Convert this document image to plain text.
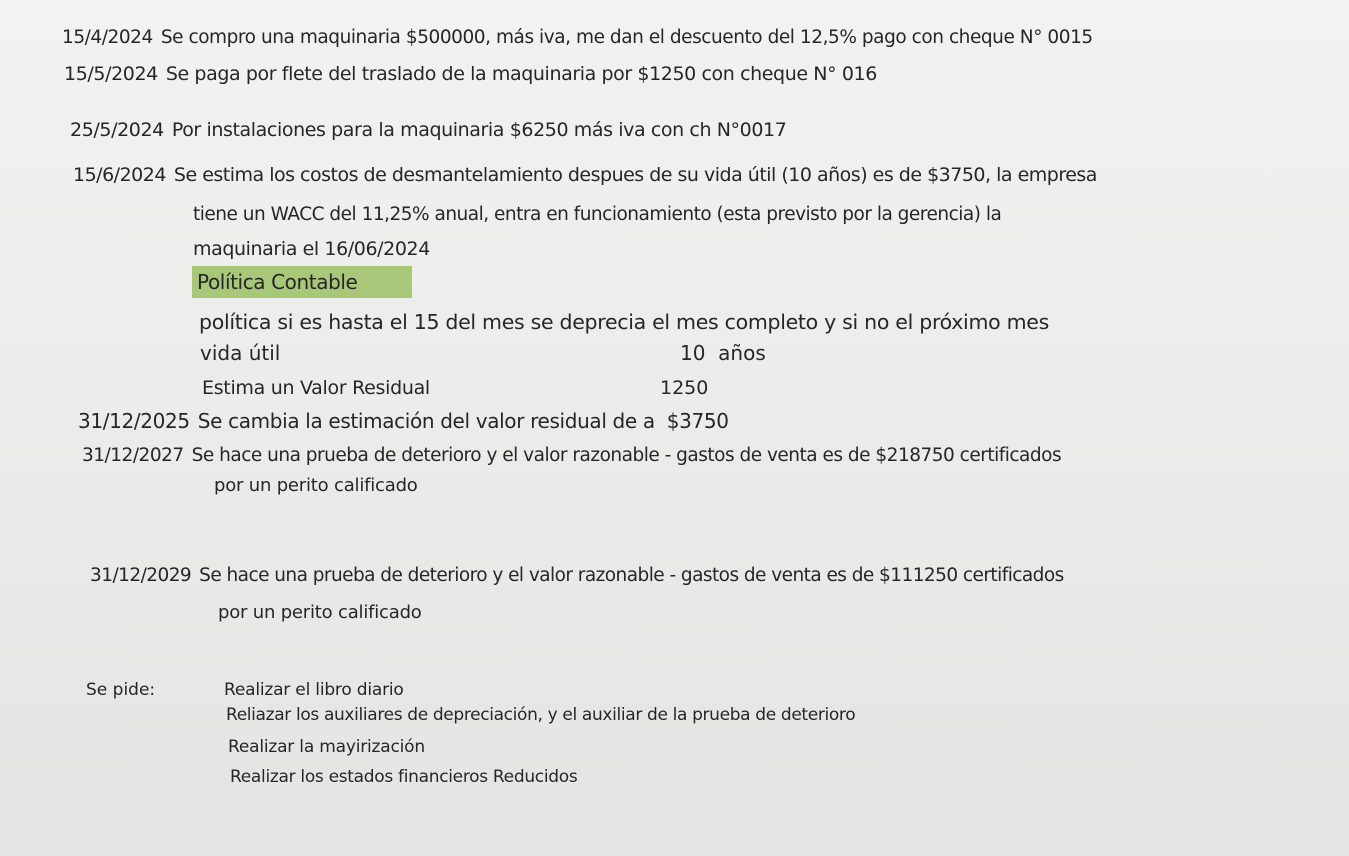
15/4/2024 Se compro una maquinaria $500000, más iva, me dan el descuento del 12,5% pago con cheque N° 0015
15/5/2024 Se paga por flete del traslado de la maquinaria por $1250 con cheque N° 016
25/5/2024 Por instalaciones para la maquinaria $6250 más iva con ch N°0017
15/6/2024 Se estima los costos de desmantelamiento despues de su vida útil (10 años) es de $3750, la empresa
tiene un WACC del 11,25% anual, entra en funcionamiento (esta previsto por la gerencia) la
maquinaria el 16/06/2024
Política Contable
política si es hasta el 15 del mes se deprecia el mes completo y si no el próximo mes
vida útil	10  años
Estima un Valor Residual	1250
31/12/2025 Se cambia la estimación del valor residual de a  $3750
31/12/2027 Se hace una prueba de deterioro y el valor razonable - gastos de venta es de $218750 certificados
por un perito calificado
31/12/2029 Se hace una prueba de deterioro y el valor razonable - gastos de venta es de $111250 certificados
por un perito calificado
Se pide:	Realizar el libro diario
Reliazar los auxiliares de depreciación, y el auxiliar de la prueba de deterioro
Realizar la mayirización
Realizar los estados financieros Reducidos
